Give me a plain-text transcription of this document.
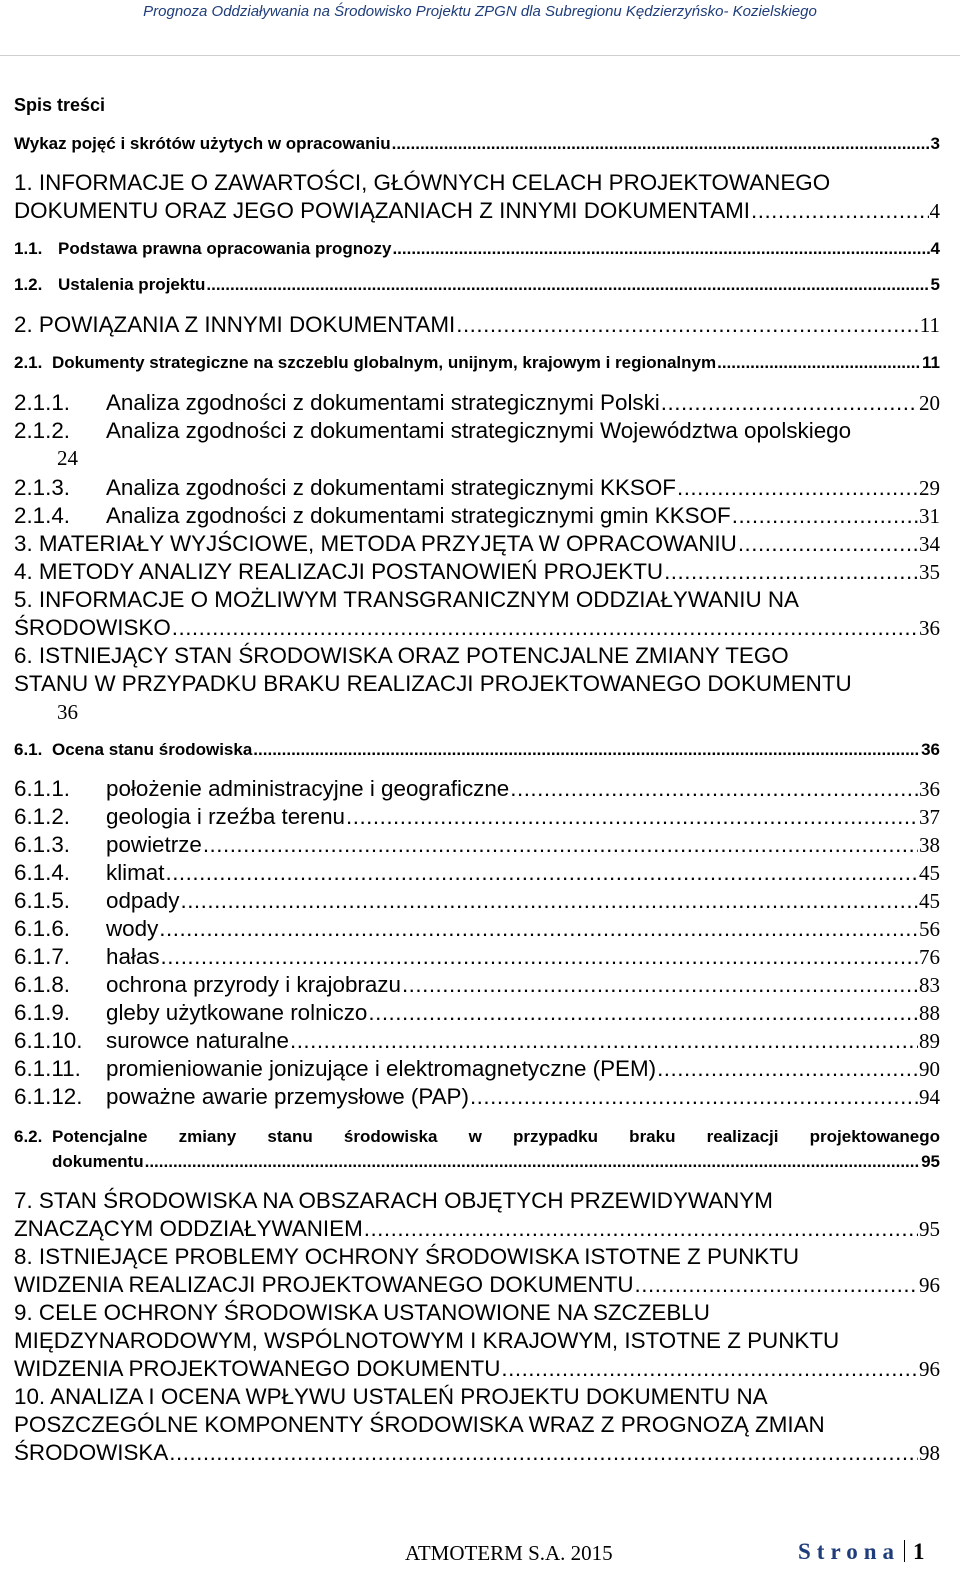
Prognoza Oddziaływania na Środowisko Projektu ZPGN dla Subregionu Kędzierzyńsko- Kozielskiego
Spis treści
Wykaz pojęć i skrótów użytych w opracowaniu .....	3
1. INFORMACJE O ZAWARTOŚCI, GŁÓWNYCH CELACH PROJEKTOWANEGO
DOKUMENTU ORAZ JEGO POWIĄZANIACH Z INNYMI DOKUMENTAMI .....	4
1.1. Podstawa prawna opracowania prognozy .....	4
1.2. Ustalenia projektu .....	5
2. POWIĄZANIA Z INNYMI DOKUMENTAMI .....	11
2.1. Dokumenty strategiczne na szczeblu globalnym, unijnym, krajowym i regionalnym .....	11
2.1.1.	Analiza zgodności z dokumentami strategicznymi Polski .....	20
2.1.2.	Analiza zgodności z dokumentami strategicznymi Województwa opolskiego
24
2.1.3.	Analiza zgodności z dokumentami strategicznymi KKSOF .....	29
2.1.4.	Analiza zgodności z dokumentami strategicznymi gmin KKSOF .....	31
3. MATERIAŁY WYJŚCIOWE, METODA PRZYJĘTA W OPRACOWANIU .....	34
4. METODY ANALIZY REALIZACJI POSTANOWIEŃ PROJEKTU .....	35
5. INFORMACJE O MOŻLIWYM TRANSGRANICZNYM ODDZIAŁYWANIU NA
ŚRODOWISKO .....	36
6. ISTNIEJĄCY STAN ŚRODOWISKA ORAZ POTENCJALNE ZMIANY TEGO
STANU W PRZYPADKU BRAKU REALIZACJI PROJEKTOWANEGO DOKUMENTU
36
6.1. Ocena stanu środowiska .....	36
6.1.1.	położenie administracyjne i geograficzne .....	36
6.1.2.	geologia i rzeźba terenu .....	37
6.1.3.	powietrze .....	38
6.1.4.	klimat .....	45
6.1.5.	odpady .....	45
6.1.6.	wody .....	56
6.1.7.	hałas .....	76
6.1.8.	ochrona przyrody i krajobrazu .....	83
6.1.9.	gleby użytkowane rolniczo .....	88
6.1.10.	surowce naturalne .....	89
6.1.11.	promieniowanie jonizujące i elektromagnetyczne (PEM) .....	90
6.1.12.	poważne awarie przemysłowe (PAP) .....	94
6.2. Potencjalne zmiany stanu środowiska w przypadku braku realizacji projektowanego
dokumentu .....	95
7. STAN ŚRODOWISKA NA OBSZARACH OBJĘTYCH PRZEWIDYWANYM
ZNACZĄCYM ODDZIAŁYWANIEM .....	95
8. ISTNIEJĄCE PROBLEMY OCHRONY ŚRODOWISKA ISTOTNE Z PUNKTU
WIDZENIA REALIZACJI PROJEKTOWANEGO DOKUMENTU .....	96
9. CELE OCHRONY ŚRODOWISKA USTANOWIONE NA SZCZEBLU
MIĘDZYNARODOWYM, WSPÓLNOTOWYM I KRAJOWYM, ISTOTNE Z PUNKTU
WIDZENIA PROJEKTOWANEGO DOKUMENTU .....	96
10. ANALIZA I OCENA WPŁYWU USTALEŃ PROJEKTU DOKUMENTU NA
POSZCZEGÓLNE KOMPONENTY ŚRODOWISKA WRAZ Z PROGNOZĄ ZMIAN
ŚRODOWISKA .....	98
ATMOTERM S.A. 2015	Strona 1
